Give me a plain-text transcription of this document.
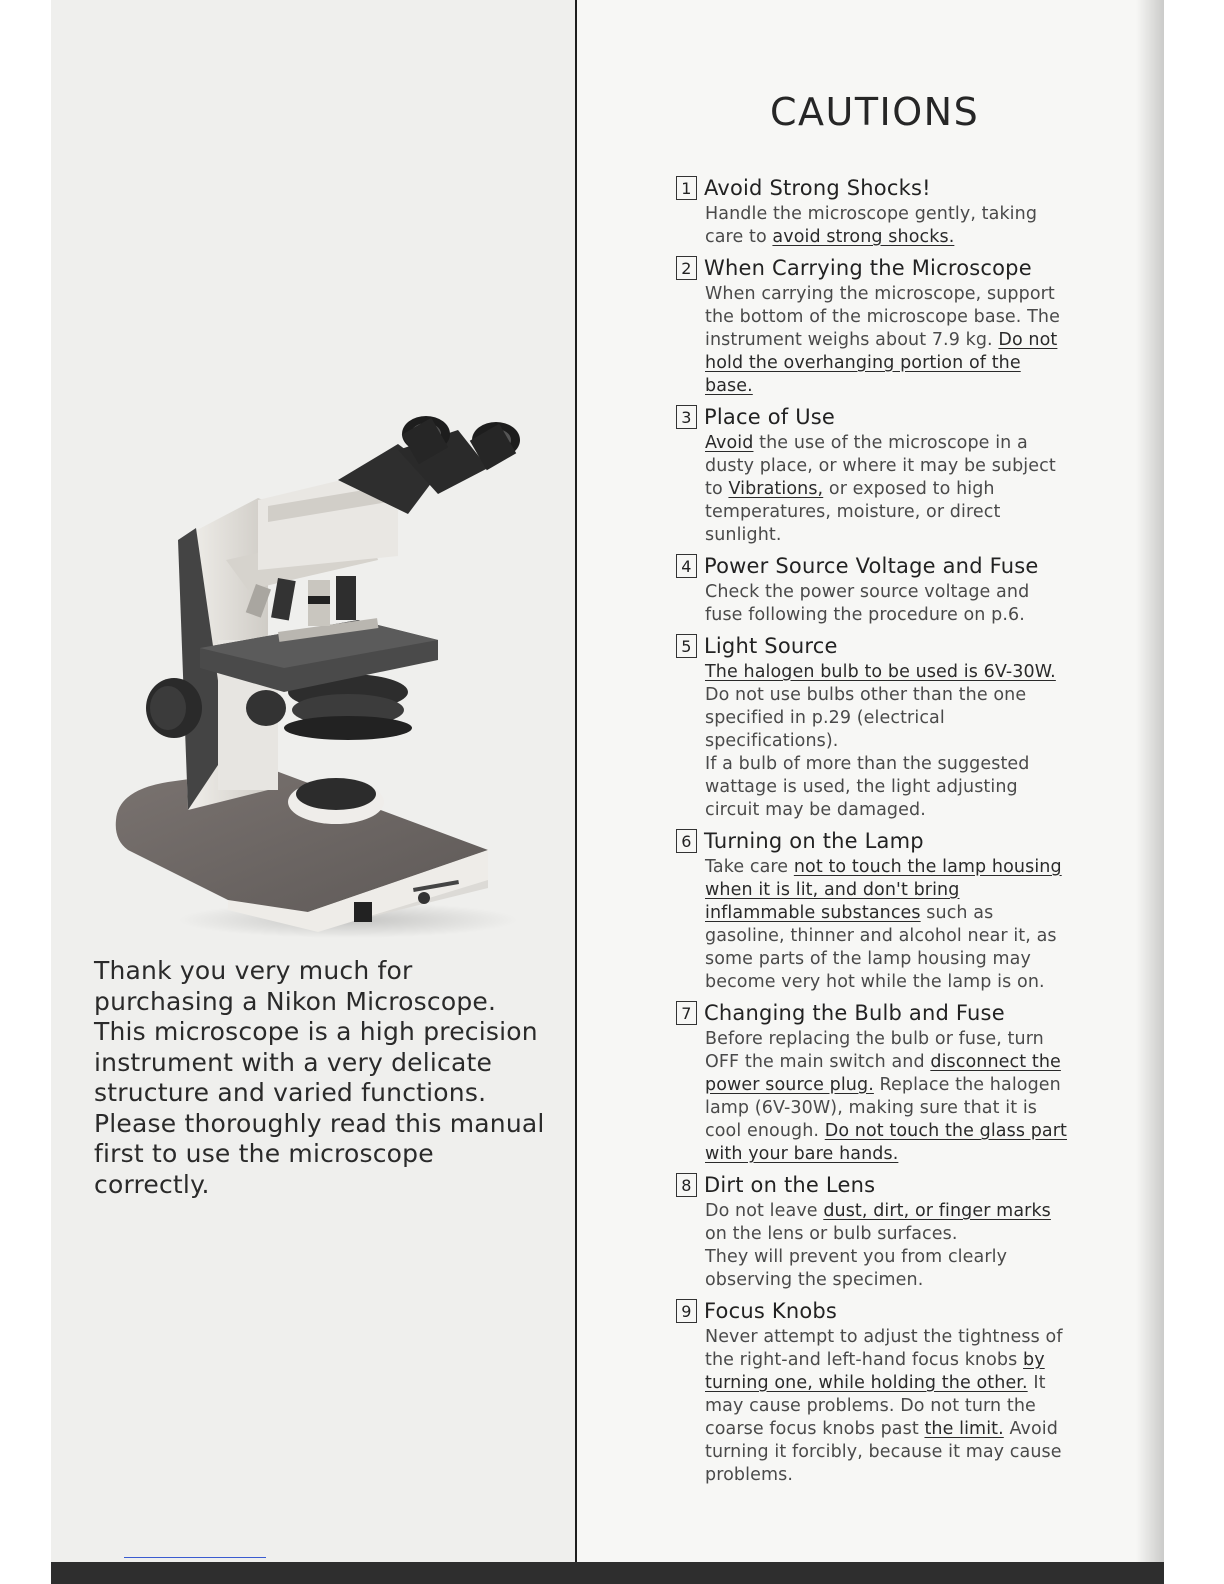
Thank you very much for purchasing a Nikon Microscope. This microscope is a high precision instrument with a very delicate structure and varied functions. Please thoroughly read this manual first to use the microscope correctly.

CAUTIONS
1 Avoid Strong Shocks!
Handle the microscope gently, taking care to avoid strong shocks.
2 When Carrying the Microscope
When carrying the microscope, support the bottom of the microscope base. The instrument weighs about 7.9 kg. Do not hold the overhanging portion of the base.
3 Place of Use
Avoid the use of the microscope in a dusty place, or where it may be subject to Vibrations, or exposed to high temperatures, moisture, or direct sunlight.
4 Power Source Voltage and Fuse
Check the power source voltage and fuse following the procedure on p.6.
5 Light Source
The halogen bulb to be used is 6V-30W.
Do not use bulbs other than the one specified in p.29 (electrical specifications).
If a bulb of more than the suggested wattage is used, the light adjusting circuit may be damaged.
6 Turning on the Lamp
Take care not to touch the lamp housing when it is lit, and don't bring inflammable substances such as gasoline, thinner and alcohol near it, as some parts of the lamp housing may become very hot while the lamp is on.
7 Changing the Bulb and Fuse
Before replacing the bulb or fuse, turn OFF the main switch and disconnect the power source plug. Replace the halogen lamp (6V-30W), making sure that it is cool enough. Do not touch the glass part with your bare hands.
8 Dirt on the Lens
Do not leave dust, dirt, or finger marks on the lens or bulb surfaces.
They will prevent you from clearly observing the specimen.
9 Focus Knobs
Never attempt to adjust the tightness of the right-and left-hand focus knobs by turning one, while holding the other. It may cause problems. Do not turn the coarse focus knobs past the limit. Avoid turning it forcibly, because it may cause problems.
